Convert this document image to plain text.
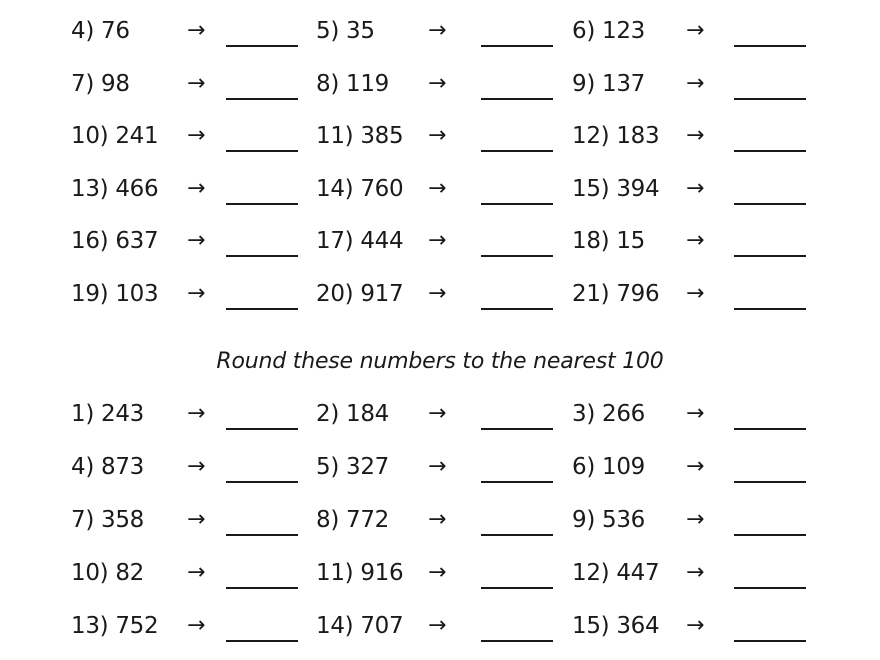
4) 76	→	5) 35 →	6) 123 →
7) 98	→	8) 119 →	9) 137 →
10) 241 →	11) 385 →	12) 183 →
13) 466 →	14) 760 →	15) 394 →
16) 637 →	17) 444 →	18) 15 →
19) 103 →	20) 917 →	21) 796 →
Round these numbers to the nearest 100
1) 243 →	2) 184 →	3) 266 →
4) 873 →	5) 327 →	6) 109 →
7) 358 →	8) 772 →	9) 536 →
10) 82 →	11) 916 →	12) 447 →
13) 752 →	14) 707 →	15) 364 →
